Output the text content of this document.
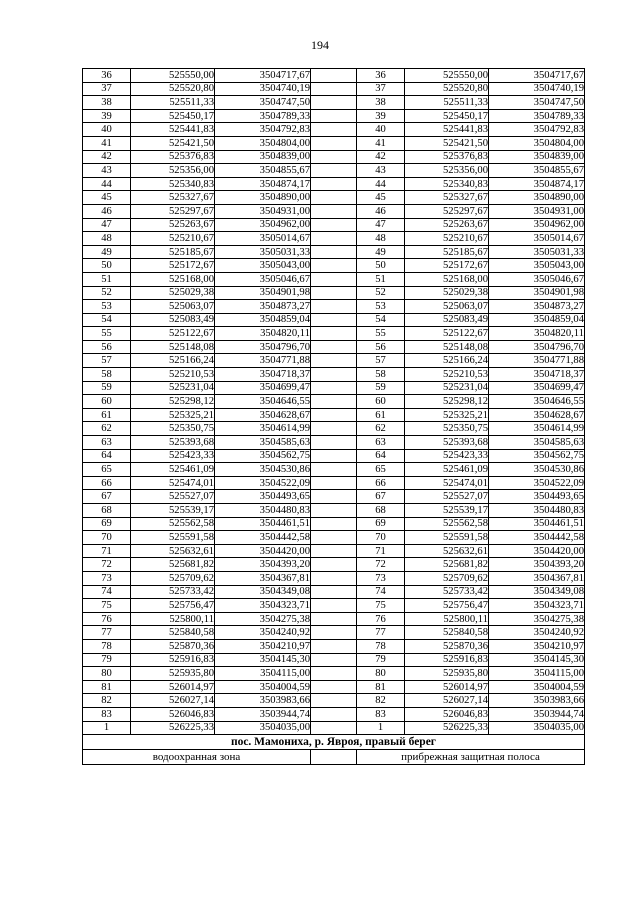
194
36	525550,00	3504717,67		36	525550,00	3504717,67
37	525520,80	3504740,19		37	525520,80	3504740,19
38	525511,33	3504747,50		38	525511,33	3504747,50
39	525450,17	3504789,33		39	525450,17	3504789,33
40	525441,83	3504792,83		40	525441,83	3504792,83
41	525421,50	3504804,00		41	525421,50	3504804,00
42	525376,83	3504839,00		42	525376,83	3504839,00
43	525356,00	3504855,67		43	525356,00	3504855,67
44	525340,83	3504874,17		44	525340,83	3504874,17
45	525327,67	3504890,00		45	525327,67	3504890,00
46	525297,67	3504931,00		46	525297,67	3504931,00
47	525263,67	3504962,00		47	525263,67	3504962,00
48	525210,67	3505014,67		48	525210,67	3505014,67
49	525185,67	3505031,33		49	525185,67	3505031,33
50	525172,67	3505043,00		50	525172,67	3505043,00
51	525168,00	3505046,67		51	525168,00	3505046,67
52	525029,38	3504901,98		52	525029,38	3504901,98
53	525063,07	3504873,27		53	525063,07	3504873,27
54	525083,49	3504859,04		54	525083,49	3504859,04
55	525122,67	3504820,11		55	525122,67	3504820,11
56	525148,08	3504796,70		56	525148,08	3504796,70
57	525166,24	3504771,88		57	525166,24	3504771,88
58	525210,53	3504718,37		58	525210,53	3504718,37
59	525231,04	3504699,47		59	525231,04	3504699,47
60	525298,12	3504646,55		60	525298,12	3504646,55
61	525325,21	3504628,67		61	525325,21	3504628,67
62	525350,75	3504614,99		62	525350,75	3504614,99
63	525393,68	3504585,63		63	525393,68	3504585,63
64	525423,33	3504562,75		64	525423,33	3504562,75
65	525461,09	3504530,86		65	525461,09	3504530,86
66	525474,01	3504522,09		66	525474,01	3504522,09
67	525527,07	3504493,65		67	525527,07	3504493,65
68	525539,17	3504480,83		68	525539,17	3504480,83
69	525562,58	3504461,51		69	525562,58	3504461,51
70	525591,58	3504442,58		70	525591,58	3504442,58
71	525632,61	3504420,00		71	525632,61	3504420,00
72	525681,82	3504393,20		72	525681,82	3504393,20
73	525709,62	3504367,81		73	525709,62	3504367,81
74	525733,42	3504349,08		74	525733,42	3504349,08
75	525756,47	3504323,71		75	525756,47	3504323,71
76	525800,11	3504275,38		76	525800,11	3504275,38
77	525840,58	3504240,92		77	525840,58	3504240,92
78	525870,36	3504210,97		78	525870,36	3504210,97
79	525916,83	3504145,30		79	525916,83	3504145,30
80	525935,80	3504115,00		80	525935,80	3504115,00
81	526014,97	3504004,59		81	526014,97	3504004,59
82	526027,14	3503983,66		82	526027,14	3503983,66
83	526046,83	3503944,74		83	526046,83	3503944,74
1	526225,33	3504035,00		1	526225,33	3504035,00
пос. Мамониха, р. Явроя, правый берег						
водоохранная зона				прибрежная защитная полоса		
